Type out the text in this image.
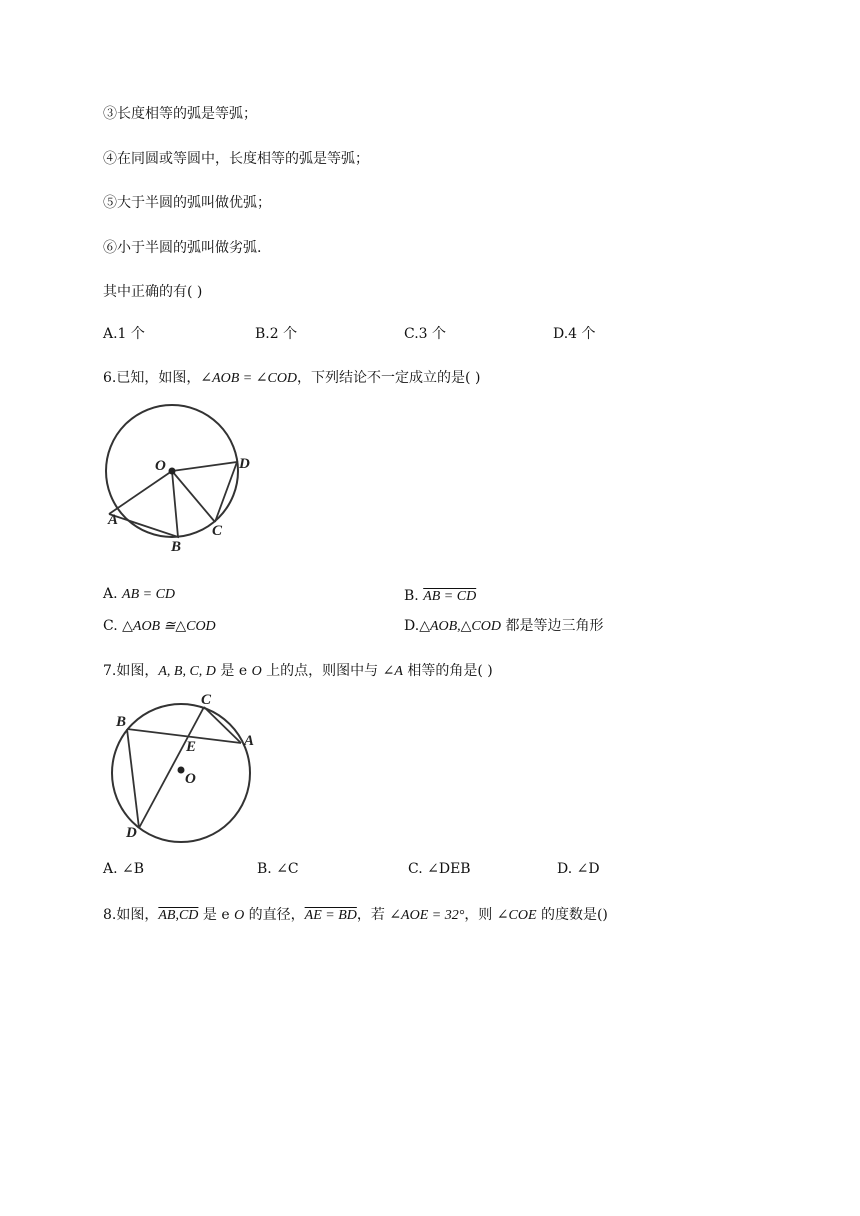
③长度相等的弧是等弧；
④在同圆或等圆中，长度相等的弧是等弧；
⑤大于半圆的弧叫做优弧；
⑥小于半圆的弧叫做劣弧.
其中正确的有( )
A.1 个	B.2 个	C.3 个	D.4 个
6.已知，如图，∠AOB = ∠COD，下列结论不一定成立的是( )
O	D
A
B
C
A. AB = CD	B. AB = CD
C. △AOB ≅△COD	D.△AOB,△COD 都是等边三角形
7.如图，A, B, C, D 是 e O 上的点，则图中与 ∠A 相等的角是( )
B
C
A
E
O
D
A. ∠B	B. ∠C	C. ∠DEB	D. ∠D
8.如图，AB,CD 是 e O 的直径，AE = BD，若 ∠AOE = 32°，则 ∠COE 的度数是()
